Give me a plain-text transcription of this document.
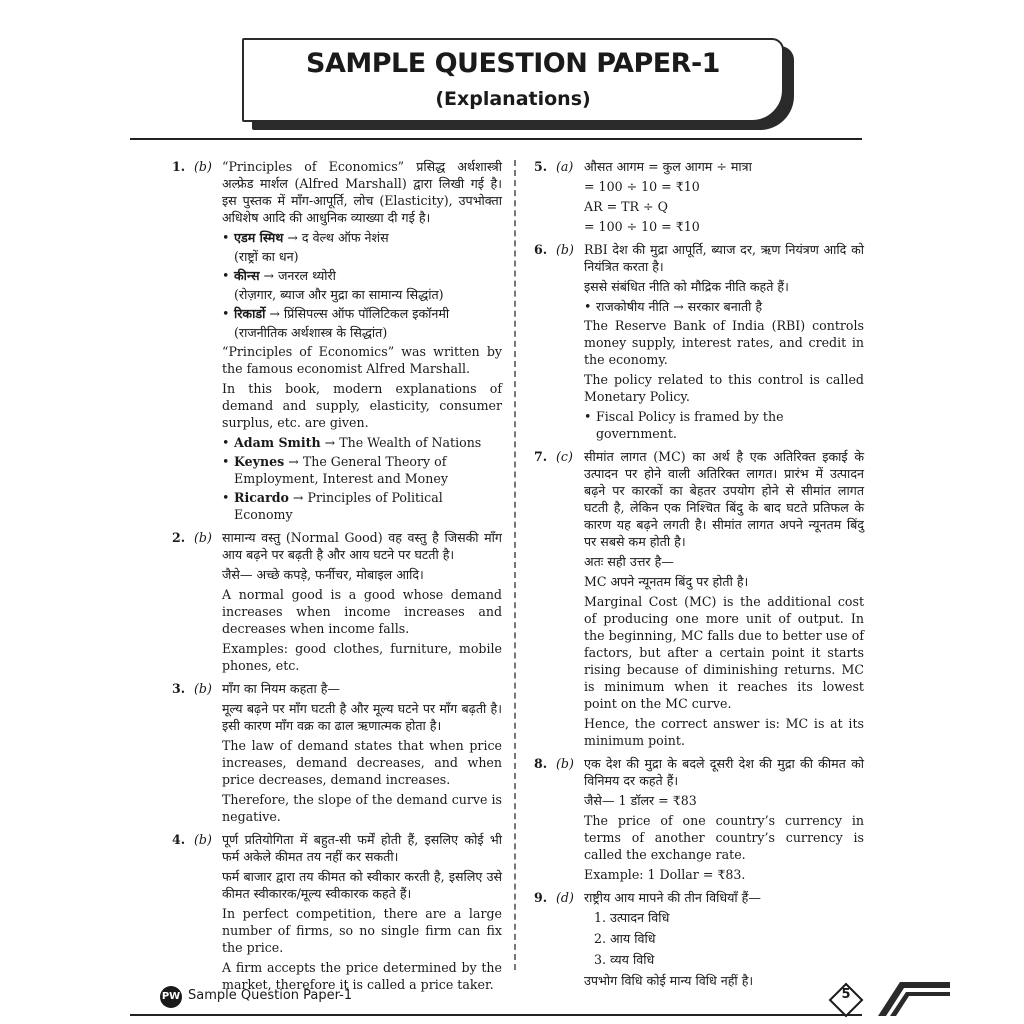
SAMPLE QUESTION PAPER-1
(Explanations)
1. (b) “Principles of Economics” प्रसिद्ध अर्थशास्त्री अल्फ्रेड मार्शल (Alfred Marshall) द्वारा लिखी गई है। इस पुस्तक में माँग-आपूर्ति, लोच (Elasticity), उपभोक्ता अधिशेष आदि की आधुनिक व्याख्या दी गई है।

• एडम स्मिथ → द वेल्थ ऑफ नेशंस

(राष्ट्रों का धन)

• कीन्स → जनरल थ्योरी

(रोज़गार, ब्याज और मुद्रा का सामान्य सिद्धांत)

• रिकार्डो → प्रिंसिपल्स ऑफ पॉलिटिकल इकॉनमी

(राजनीतिक अर्थशास्त्र के सिद्धांत)

“Principles of Economics” was written by the famous economist Alfred Marshall.

In this book, modern explanations of demand and supply, elasticity, consumer surplus, etc. are given.

• Adam Smith → The Wealth of Nations
• Keynes → The General Theory of Employment, Interest and Money
• Ricardo → Principles of Political Economy
2. (b) सामान्य वस्तु (Normal Good) वह वस्तु है जिसकी माँग आय बढ़ने पर बढ़ती है और आय घटने पर घटती है।

जैसे— अच्छे कपड़े, फर्नीचर, मोबाइल आदि।

A normal good is a good whose demand increases when income increases and decreases when income falls.

Examples: good clothes, furniture, mobile phones, etc.

3. (b) माँग का नियम कहता है—

मूल्य बढ़ने पर माँग घटती है और मूल्य घटने पर माँग बढ़ती है। इसी कारण माँग वक्र का ढाल ऋणात्मक होता है।

The law of demand states that when price increases, demand decreases, and when price decreases, demand increases.

Therefore, the slope of the demand curve is negative.

4. (b) पूर्ण प्रतियोगिता में बहुत-सी फर्में होती हैं, इसलिए कोई भी फर्म अकेले कीमत तय नहीं कर सकती।

फर्म बाजार द्वारा तय कीमत को स्वीकार करती है, इसलिए उसे कीमत स्वीकारक/मूल्य स्वीकारक कहते हैं।

In perfect competition, there are a large number of firms, so no single firm can fix the price.

A firm accepts the price determined by the market, therefore it is called a price taker.

5. (a) औसत आगम = कुल आगम ÷ मात्रा

= 100 ÷ 10 = ₹10

AR = TR ÷ Q

= 100 ÷ 10 = ₹10

6. (b) RBI देश की मुद्रा आपूर्ति, ब्याज दर, ऋण नियंत्रण आदि को नियंत्रित करता है।

इससे संबंधित नीति को मौद्रिक नीति कहते हैं।

• राजकोषीय नीति → सरकार बनाती है

The Reserve Bank of India (RBI) controls money supply, interest rates, and credit in the economy.

The policy related to this control is called Monetary Policy.

• Fiscal Policy is framed by the government.
7. (c) सीमांत लागत (MC) का अर्थ है एक अतिरिक्त इकाई के उत्पादन पर होने वाली अतिरिक्त लागत। प्रारंभ में उत्पादन बढ़ने पर कारकों का बेहतर उपयोग होने से सीमांत लागत घटती है, लेकिन एक निश्चित बिंदु के बाद घटते प्रतिफल के कारण यह बढ़ने लगती है। सीमांत लागत अपने न्यूनतम बिंदु पर सबसे कम होती है।

अतः सही उत्तर है—

MC अपने न्यूनतम बिंदु पर होती है।

Marginal Cost (MC) is the additional cost of producing one more unit of output. In the beginning, MC falls due to better use of factors, but after a certain point it starts rising because of diminishing returns. MC is minimum when it reaches its lowest point on the MC curve.

Hence, the correct answer is: MC is at its minimum point.

8. (b) एक देश की मुद्रा के बदले दूसरी देश की मुद्रा की कीमत को विनिमय दर कहते हैं।

जैसे— 1 डॉलर = ₹83

The price of one country’s currency in terms of another country’s currency is called the exchange rate.

Example: 1 Dollar = ₹83.

9. (d) राष्ट्रीय आय मापने की तीन विधियाँ हैं—

1. उत्पादन विधि

2. आय विधि

3. व्यय विधि

उपभोग विधि कोई मान्य विधि नहीं है।

PW Sample Question Paper-1	5
